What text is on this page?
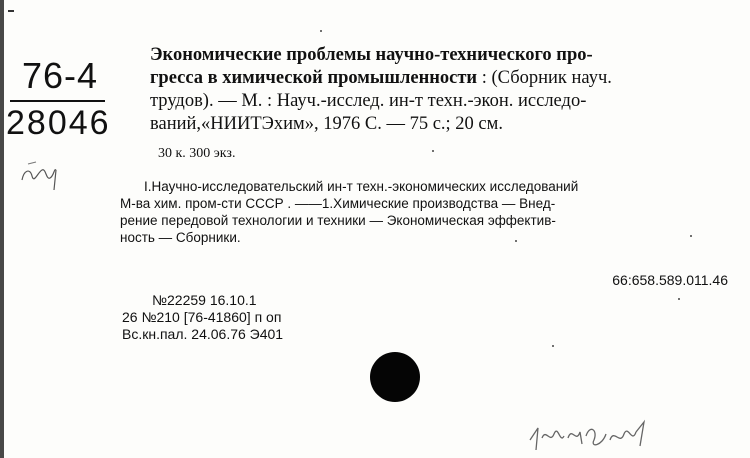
76-4
28046
Экономические проблемы научно-технического про-
гресса в химической промышленности : (Сборник науч.
трудов). — М. : Науч.-исслед. ин-т техн.-экон. исследо-
ваний,«НИИТЭхим», 1976 С. — 75 с.; 20 см.
30 к. 300 экз.
I.Научно-исследовательский ин-т техн.-экономических исследований
М-ва хим. пром-сти СССР . ——1.Химические производства — Внед-
рение передовой технологии и техники — Экономическая эффектив-
ность — Сборники.
66:658.589.011.46
№22259 16.10.1
26 №210 [76-41860] п оп
Вс.кн.пал. 24.06.76 Э401
